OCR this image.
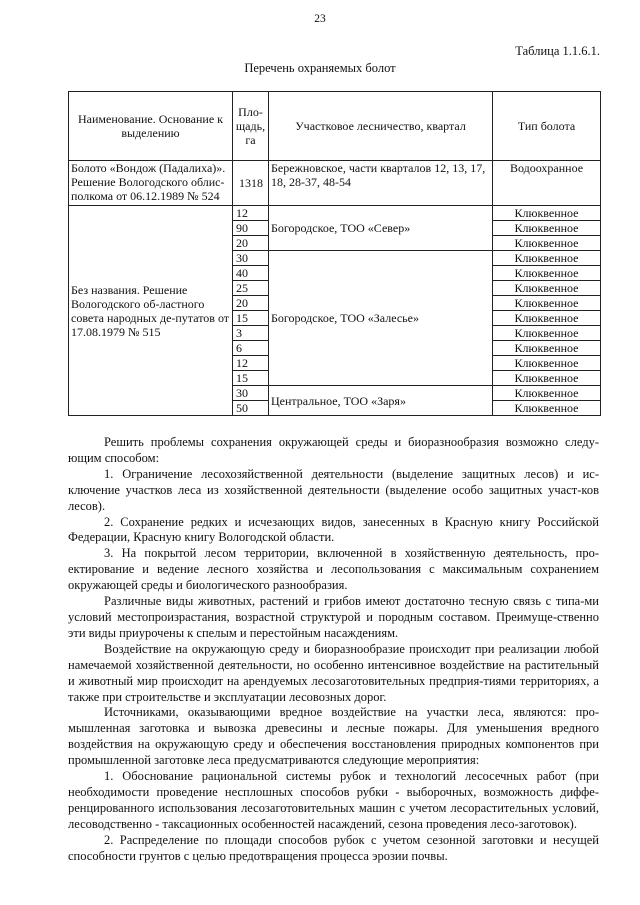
23
Таблица 1.1.6.1.
Перечень охраняемых болот
Наименование. Основание к выделению	Пло-щадь, га	Участковое лесничество, квартал	Тип болота
Болото «Вондож (Падалиха)». Решение Вологодского облис-полкома от 06.12.1989 № 524	1318	Бережновское, части кварталов 12, 13, 17, 18, 28-37, 48-54	Водоохранное
Без названия. Решение Вологодского об-ластного совета народных де-путатов от 17.08.1979 № 515	12	Богородское, ТОО «Север»	Клюквенное
	90		Клюквенное
	20		Клюквенное
	30	Богородское, ТОО «Залесье»	Клюквенное
	40		Клюквенное
	25		Клюквенное
	20		Клюквенное
	15		Клюквенное
	3		Клюквенное
	6		Клюквенное
	12		Клюквенное
	15		Клюквенное
	30	Центральное, ТОО «Заря»	Клюквенное
	50		Клюквенное

Решить проблемы сохранения окружающей среды и биоразнообразия возможно следу-ющим способом:

1. Ограничение лесохозяйственной деятельности (выделение защитных лесов) и ис-ключение участков леса из хозяйственной деятельности (выделение особо защитных участ-ков лесов).

2. Сохранение редких и исчезающих видов, занесенных в Красную книгу Российской Федерации, Красную книгу Вологодской области.

3. На покрытой лесом территории, включенной в хозяйственную деятельность, про-ектирование и ведение лесного хозяйства и лесопользования с максимальным сохранением окружающей среды и биологического разнообразия.

Различные виды животных, растений и грибов имеют достаточно тесную связь с типа-ми условий местопроизрастания, возрастной структурой и породным составом. Преимуще-ственно эти виды приурочены к спелым и перестойным насаждениям.

Воздействие на окружающую среду и биоразнообразие происходит при реализации любой намечаемой хозяйственной деятельности, но особенно интенсивное воздействие на растительный и животный мир происходит на арендуемых лесозаготовительных предприя-тиями территориях, а также при строительстве и эксплуатации лесовозных дорог.

Источниками, оказывающими вредное воздействие на участки леса, являются: про-мышленная заготовка и вывозка древесины и лесные пожары. Для уменьшения вредного воздействия на окружающую среду и обеспечения восстановления природных компонентов при промышленной заготовке леса предусматриваются следующие мероприятия:

1. Обоснование рациональной системы рубок и технологий лесосечных работ (при необходимости проведение несплошных способов рубки - выборочных, возможность диффе-ренцированного использования лесозаготовительных машин с учетом лесорастительных условий, лесоводственно - таксационных особенностей насаждений, сезона проведения лесо-заготовок).

2. Распределение по площади способов рубок с учетом сезонной заготовки и несущей способности грунтов с целью предотвращения процесса эрозии почвы.
